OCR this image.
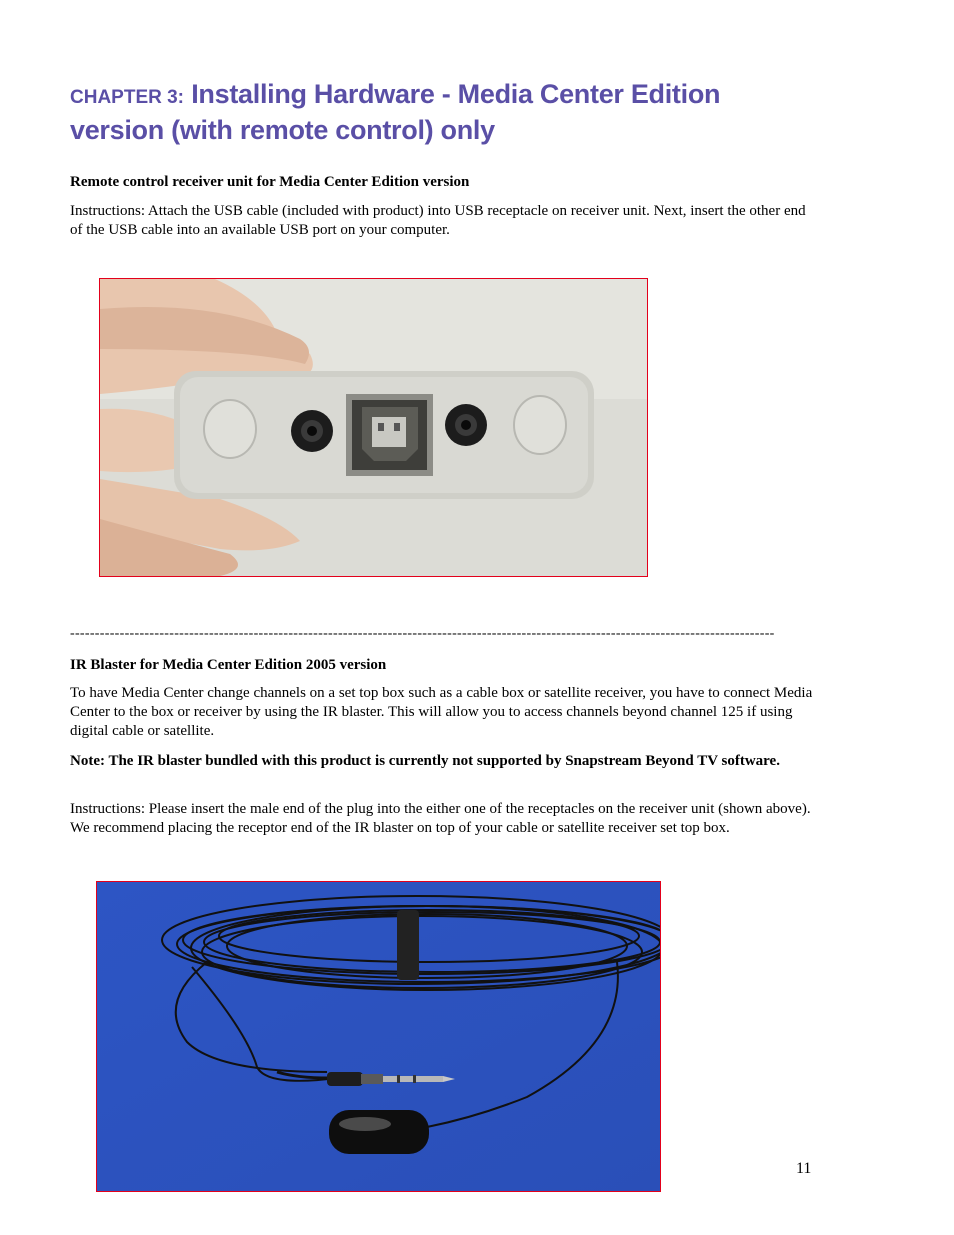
CHAPTER 3: Installing Hardware - Media Center Edition
version (with remote control) only

Remote control receiver unit for Media Center Edition version

Instructions: Attach the USB cable (included with product) into USB receptacle on receiver unit. Next, insert the other end of the USB cable into an available USB port on your computer.

----------------------------------------------------------------------------------------------------------------------------------------------

IR Blaster for Media Center Edition 2005 version

To have Media Center change channels on a set top box such as a cable box or satellite receiver, you have to connect Media Center to the box or receiver by using the IR blaster. This will allow you to access channels beyond channel 125 if using digital cable or satellite.

Note: The IR blaster bundled with this product is currently not supported by Snapstream Beyond TV software.

Instructions: Please insert the male end of the plug into the either one of the receptacles on the receiver unit (shown above). We recommend placing the receptor end of the IR blaster on top of your cable or satellite receiver set top box.

11
